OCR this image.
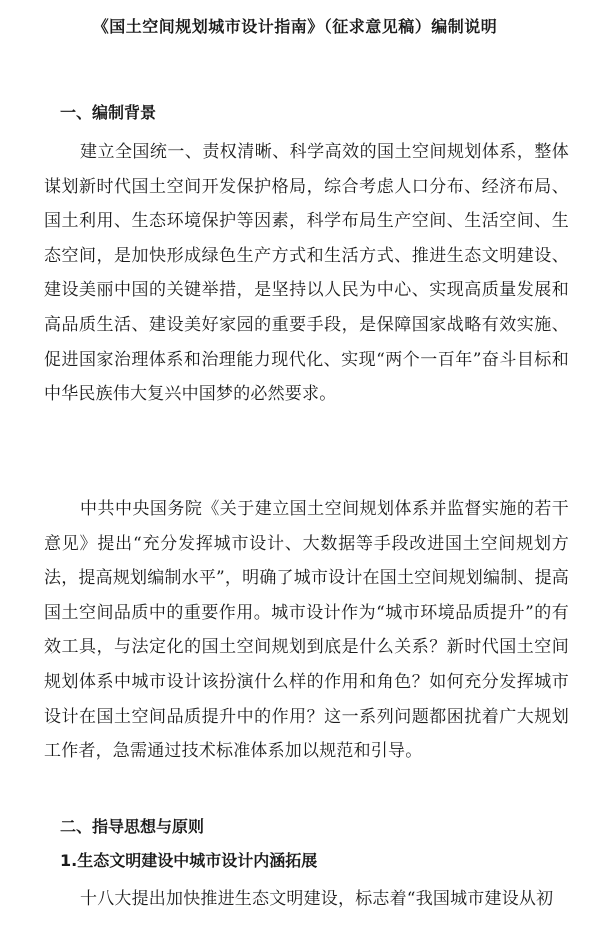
《国土空间规划城市设计指南》（征求意见稿）编制说明
一、编制背景

建立全国统一、责权清晰、科学高效的国土空间规划体系，整体谋划新时代国土空间开发保护格局，综合考虑人口分布、经济布局、国土利用、生态环境保护等因素，科学布局生产空间、生活空间、生态空间，是加快形成绿色生产方式和生活方式、推进生态文明建设、建设美丽中国的关键举措，是坚持以人民为中心、实现高质量发展和高品质生活、建设美好家园的重要手段，是保障国家战略有效实施、促进国家治理体系和治理能力现代化、实现“两个一百年”奋斗目标和中华民族伟大复兴中国梦的必然要求。

中共中央国务院《关于建立国土空间规划体系并监督实施的若干意见》提出“充分发挥城市设计、大数据等手段改进国土空间规划方法，提高规划编制水平”，明确了城市设计在国土空间规划编制、提高国土空间品质中的重要作用。城市设计作为“城市环境品质提升”的有效工具，与法定化的国土空间规划到底是什么关系？新时代国土空间规划体系中城市设计该扮演什么样的作用和角色？如何充分发挥城市设计在国土空间品质提升中的作用？这一系列问题都困扰着广大规划工作者，急需通过技术标准体系加以规范和引导。

二、指导思想与原则
1.生态文明建设中城市设计内涵拓展

十八大提出加快推进生态文明建设，标志着“我国城市建设从初
